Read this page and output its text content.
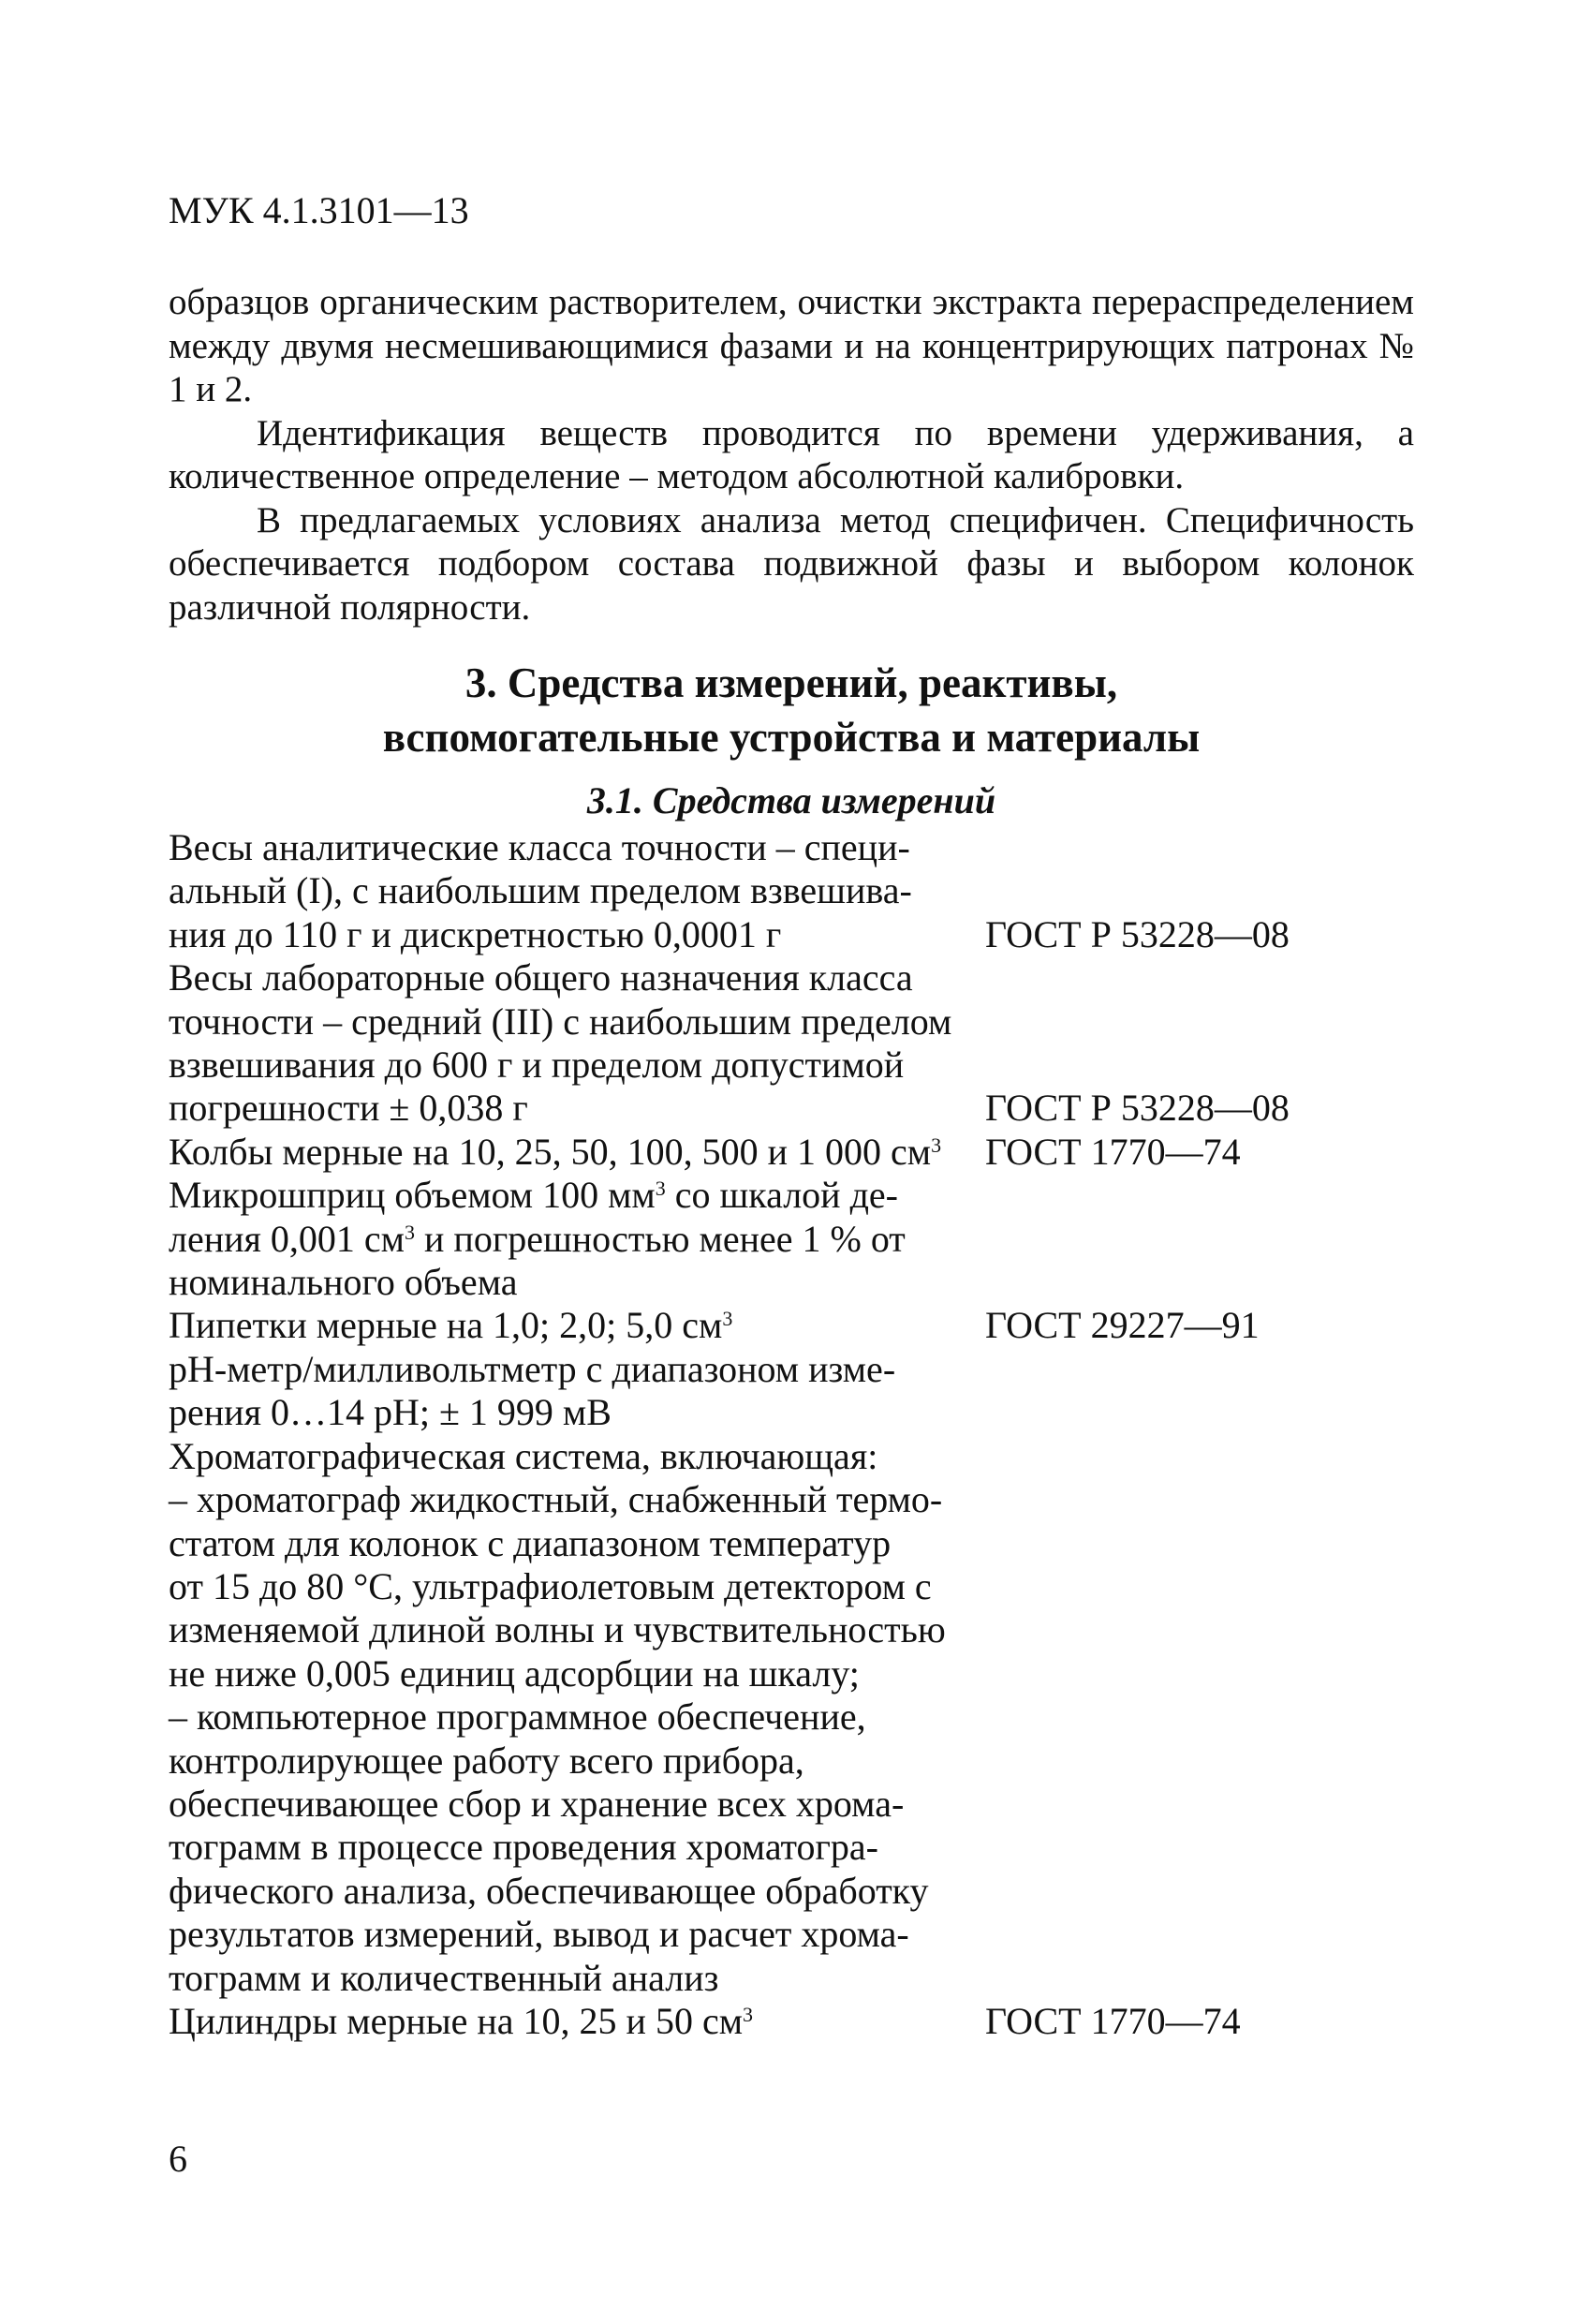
МУК 4.1.3101—13

образцов органическим растворителем, очистки экстракта перераспределением между двумя несмешивающимися фазами и на концентрирующих патронах № 1 и 2.

Идентификация веществ проводится по времени удерживания, а количественное определение – методом абсолютной калибровки.

В предлагаемых условиях анализа метод специфичен. Специфичность обеспечивается подбором состава подвижной фазы и выбором колонок различной полярности.

3. Средства измерений, реактивы,
вспомогательные устройства и материалы
3.1. Средства измерений
Весы аналитические класса точности – специ-
альный (I), с наибольшим пределом взвешива-
ния до 110 г и дискретностью 0,0001 г	ГОСТ Р 53228—08
Весы лабораторные общего назначения класса
точности – средний (III) с наибольшим пределом
взвешивания до 600 г и пределом допустимой
погрешности ± 0,038 г	ГОСТ Р 53228—08
Колбы мерные на 10, 25, 50, 100, 500 и 1 000 $см^3$	ГОСТ 1770—74
Микрошприц объемом 100 $мм^3$ со шкалой де-
ления 0,001 $см^3$ и погрешностью менее 1 % от
номинального объема
Пипетки мерные на 1,0; 2,0; 5,0 $см^3$	ГОСТ 29227—91
pH-метр/милливольтметр с диапазоном изме-
рения 0…14 pH; ± 1 999 мВ
Хроматографическая система, включающая:
– хроматограф жидкостный, снабженный термо-
статом для колонок с диапазоном температур
от 15 до 80 °С, ультрафиолетовым детектором с
изменяемой длиной волны и чувствительностью
не ниже 0,005 единиц адсорбции на шкалу;
– компьютерное программное обеспечение,
контролирующее работу всего прибора,
обеспечивающее сбор и хранение всех хрома-
тограмм в процессе проведения хроматогра-
фического анализа, обеспечивающее обработку
результатов измерений, вывод и расчет хрома-
тограмм и количественный анализ
Цилиндры мерные на 10, 25 и 50 $см^3$	ГОСТ 1770—74
6
